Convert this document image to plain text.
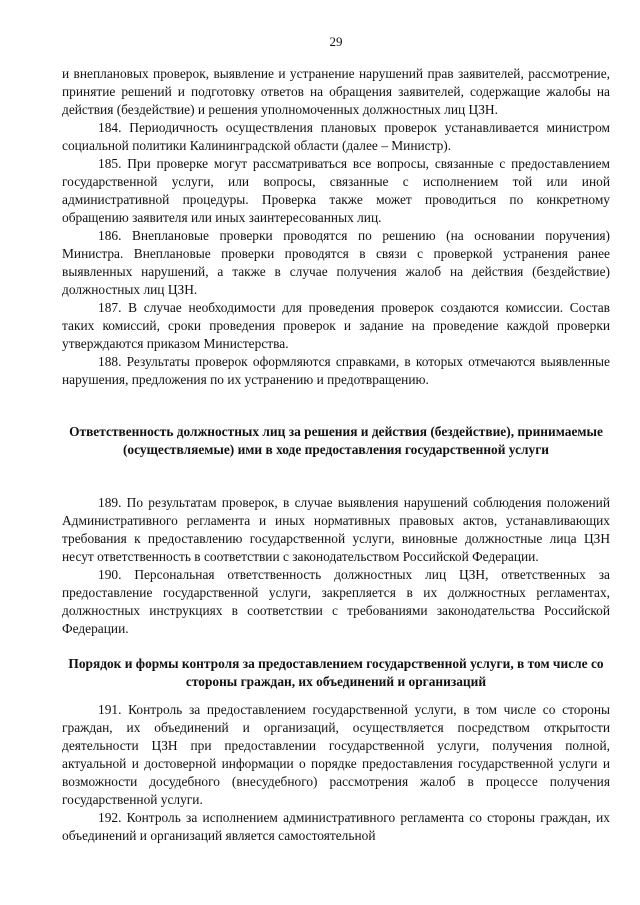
29

и внеплановых проверок, выявление и устранение нарушений прав заявителей, рассмотрение, принятие решений и подготовку ответов на обращения заявителей, содержащие жалобы на действия (бездействие) и решения уполномоченных должностных лиц ЦЗН.

184. Периодичность осуществления плановых проверок устанавливается министром социальной политики Калининградской области (далее – Министр).

185. При проверке могут рассматриваться все вопросы, связанные с предоставлением государственной услуги, или вопросы, связанные с исполнением той или иной административной процедуры. Проверка также может проводиться по конкретному обращению заявителя или иных заинтересованных лиц.

186. Внеплановые проверки проводятся по решению (на основании поручения) Министра. Внеплановые проверки проводятся в связи с проверкой устранения ранее выявленных нарушений, а также в случае получения жалоб на действия (бездействие) должностных лиц ЦЗН.

187. В случае необходимости для проведения проверок создаются комиссии. Состав таких комиссий, сроки проведения проверок и задание на проведение каждой проверки утверждаются приказом Министерства.

188. Результаты проверок оформляются справками, в которых отмечаются выявленные нарушения, предложения по их устранению и предотвращению.

Ответственность должностных лиц за решения и действия (бездействие), принимаемые (осуществляемые) ими в ходе предоставления государственной услуги

189. По результатам проверок, в случае выявления нарушений соблюдения положений Административного регламента и иных нормативных правовых актов, устанавливающих требования к предоставлению государственной услуги, виновные должностные лица ЦЗН несут ответственность в соответствии с законодательством Российской Федерации.

190. Персональная ответственность должностных лиц ЦЗН, ответственных за предоставление государственной услуги, закрепляется в их должностных регламентах, должностных инструкциях в соответствии с требованиями законодательства Российской Федерации.

Порядок и формы контроля за предоставлением государственной услуги, в том числе со стороны граждан, их объединений и организаций

191. Контроль за предоставлением государственной услуги, в том числе со стороны граждан, их объединений и организаций, осуществляется посредством открытости деятельности ЦЗН при предоставлении государственной услуги, получения полной, актуальной и достоверной информации о порядке предоставления государственной услуги и возможности досудебного (внесудебного) рассмотрения жалоб в процессе получения государственной услуги.

192. Контроль за исполнением административного регламента со стороны граждан, их объединений и организаций является самостоятельной
